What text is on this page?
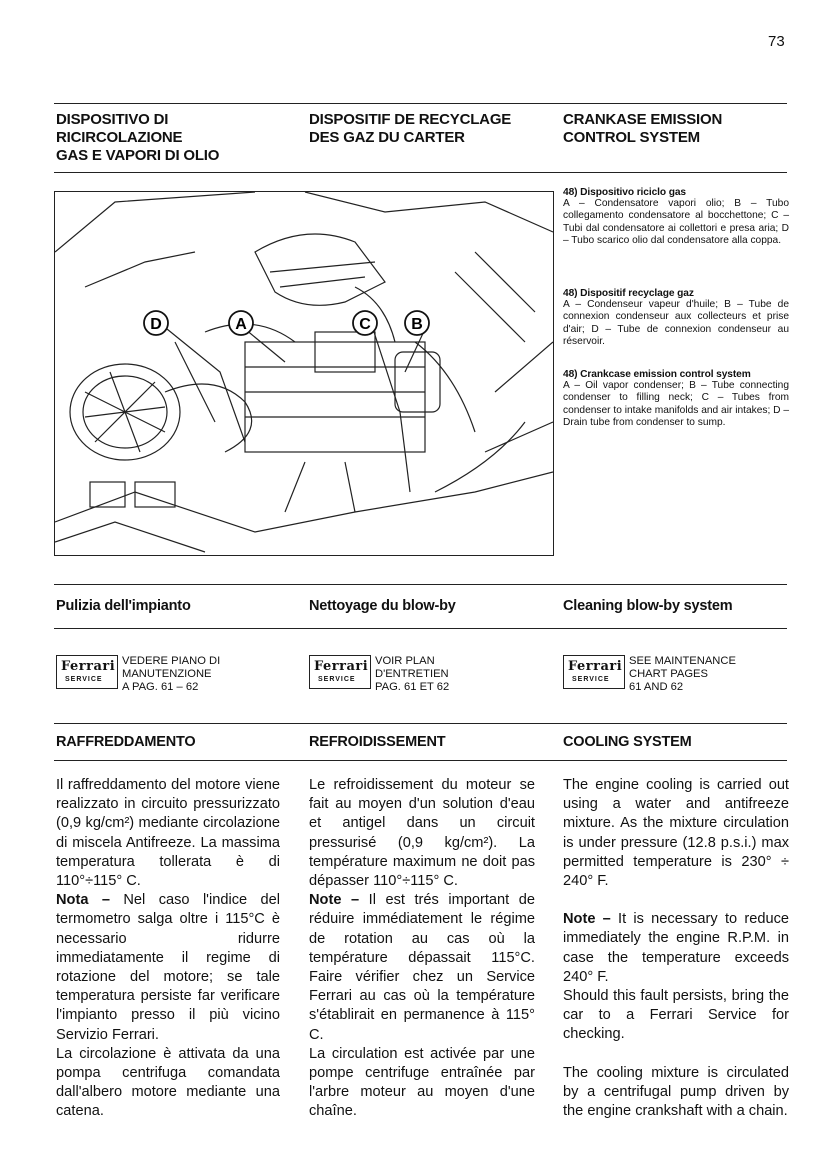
73
DISPOSITIVO DI
RICIRCOLAZIONE
GAS E VAPORI DI OLIO
DISPOSITIF DE RECYCLAGE
DES GAZ DU CARTER
CRANKASE EMISSION
CONTROL SYSTEM
D	A	C	B
48) Dispositivo riciclo gas
A – Condensatore vapori olio; B – Tubo collegamento condensatore al bocchettone; C – Tubi dal condensatore ai collettori e presa aria; D – Tubo scarico olio dal condensatore alla coppa.
48) Dispositif recyclage gaz
A – Condenseur vapeur d'huile; B – Tube de connexion condenseur aux collecteurs et prise d'air; D – Tube de connexion condenseur au réservoir.
48) Crankcase emission control system
A – Oil vapor condenser; B – Tube connecting condenser to filling neck; C – Tubes from condenser to intake manifolds and air intakes; D – Drain tube from condenser to sump.
Pulizia dell'impianto	Nettoyage du blow-by	Cleaning blow-by system
Ferrari
SERVICE
VEDERE PIANO DI
MANUTENZIONE
A PAG. 61 – 62
Ferrari
SERVICE
VOIR PLAN
D'ENTRETIEN
PAG. 61 ET 62
Ferrari
SERVICE
SEE MAINTENANCE
CHART PAGES
61 AND 62
RAFFREDDAMENTO	REFROIDISSEMENT	COOLING SYSTEM

Il raffreddamento del motore viene realizzato in circuito pressurizzato (0,9 kg/cm²) mediante circolazione di miscela Antifreeze. La massima temperatura tollerata è di 110°÷115° C.

Nota – Nel caso l'indice del termometro salga oltre i 115°C è necessario ridurre immediatamente il regime di rotazione del motore; se tale temperatura persiste far verificare l'impianto presso il più vicino Servizio Ferrari.

La circolazione è attivata da una pompa centrifuga comandata dall'albero motore mediante una catena.

Le refroidissement du moteur se fait au moyen d'un solution d'eau et antigel dans un circuit pressurisé (0,9 kg/cm²). La température maximum ne doit pas dépasser 110°÷115° C.

Note – Il est trés important de réduire immédiatement le régime de rotation au cas où la température dépassait 115°C. Faire vérifier chez un Service Ferrari au cas où la température s'établirait en permanence à 115° C.

La circulation est activée par une pompe centrifuge entraînée par l'arbre moteur au moyen d'une chaîne.

The engine cooling is carried out using a water and antifreeze mixture. As the mixture circulation is under pressure (12.8 p.s.i.) max permitted temperature is 230° ÷ 240° F.

Note – It is necessary to reduce immediately the engine R.P.M. in case the temperature exceeds 240° F.

Should this fault persists, bring the car to a Ferrari Service for checking.

The cooling mixture is circulated by a centrifugal pump driven by the engine crankshaft with a chain.
